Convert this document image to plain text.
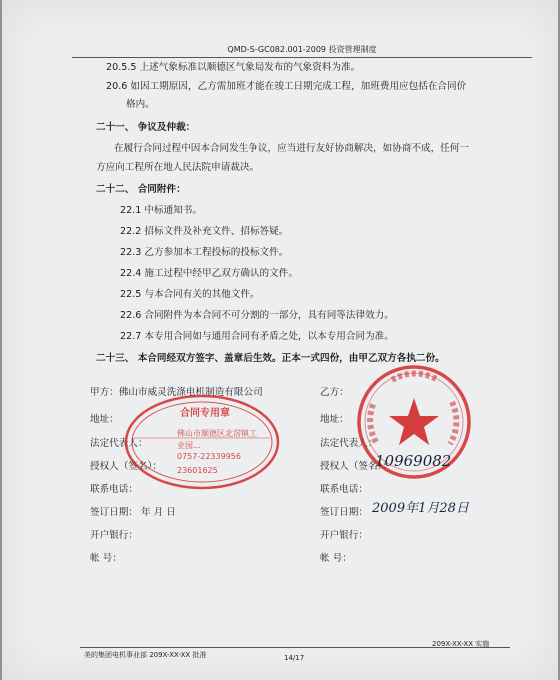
QMD-S-GC082.001-2009 投资管理制度
20.5.5 上述气象标准以顺德区气象局发布的气象资料为准。
20.6 如因工期原因，乙方需加班才能在竣工日期完成工程，加班费用应包括在合同价
格内。
二十一、 争议及仲裁：
在履行合同过程中因本合同发生争议，应当进行友好协商解决，如协商不成，任何一
方应向工程所在地人民法院申请裁决。
二十二、 合同附件：
22.1 中标通知书。
22.2 招标文件及补充文件、招标答疑。
22.3 乙方参加本工程投标的投标文件。
22.4 施工过程中经甲乙双方确认的文件。
22.5 与本合同有关的其他文件。
22.6 合同附件为本合同不可分割的一部分，具有同等法律效力。
22.7 本专用合同如与通用合同有矛盾之处，以本专用合同为准。
二十三、 本合同经双方签字、盖章后生效。正本一式四份，由甲乙双方各执二份。
甲方：佛山市威灵洗涤电机制造有限公司
地址：
法定代表人：
授权人（签名）：
联系电话：
签订日期： 年 月 日
开户银行：
帐 号：
乙方：
地址：
法定代表人：
授权人（签名）：
联系电话：
签订日期：
开户银行：
帐 号：
合同专用章
佛山市顺德区北滘镇工
业园...
0757-22339956
23601625
10969082
2009年1月28日
美的集团电机事业部 209X-XX-XX 批准
209X-XX-XX 实施
14/17
